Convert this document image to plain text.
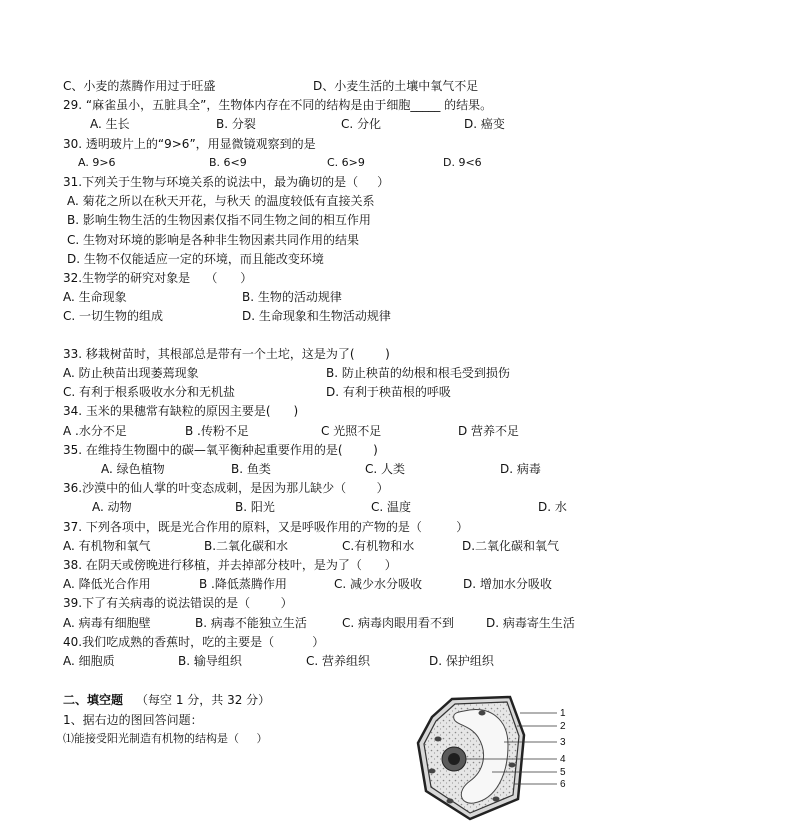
C、小麦的蒸腾作用过于旺盛	D、小麦生活的土壤中氧气不足
29. “麻雀虽小，五脏具全”，生物体内存在不同的结构是由于细胞_____ 的结果。
A. 生长	B. 分裂	C. 分化	D. 癌变
30. 透明玻片上的“9>6”，用显微镜观察到的是
A. 9>6	B. 6<9	C. 6>9	D. 9<6
31.下列关于生物与环境关系的说法中，最为确切的是（     ）
A. 菊花之所以在秋天开花，与秋天 的温度较低有直接关系
B. 影响生物生活的生物因素仅指不同生物之间的相互作用
C. 生物对环境的影响是各种非生物因素共同作用的结果
D. 生物不仅能适应一定的环境，而且能改变环境
32.生物学的研究对象是    （      ）
A. 生命现象	B. 生物的活动规律
C. 一切生物的组成	D. 生命现象和生物活动规律
33. 移栽树苗时，其根部总是带有一个土坨，这是为了(        )
A. 防止秧苗出现萎蔫现象	B. 防止秧苗的幼根和根毛受到损伤
C. 有利于根系吸收水分和无机盐	D. 有利于秧苗根的呼吸
34. 玉米的果穗常有缺粒的原因主要是(      )
A .水分不足	B .传粉不足	C 光照不足	D 营养不足
35. 在维持生物圈中的碳—氧平衡种起重要作用的是(        )
A. 绿色植物	B. 鱼类	C. 人类	D. 病毒
36.沙漠中的仙人掌的叶变态成刺，是因为那儿缺少（        ）
A. 动物	B. 阳光	C. 温度	D. 水
37. 下列各项中，既是光合作用的原料，又是呼吸作用的产物的是（         ）
A. 有机物和氧气	B.二氧化碳和水	C.有机物和水	D.二氧化碳和氧气
38. 在阴天或傍晚进行移植，并去掉部分枝叶，是为了（      ）
A. 降低光合作用	B .降低蒸腾作用	C. 减少水分吸收	D. 增加水分吸收
39.下了有关病毒的说法错误的是（        ）
A. 病毒有细胞壁	B. 病毒不能独立生活	C. 病毒肉眼用看不到	D. 病毒寄生生活
40.我们吃成熟的香蕉时，吃的主要是（          ）
A. 细胞质	B. 输导组织	C. 营养组织	D. 保护组织
二、填空题 （每空 1 分，共 32 分）
1、据右边的图回答问题：
⑴能接受阳光制造有机物的结构是（     ）
1
2
3
4
5
6
